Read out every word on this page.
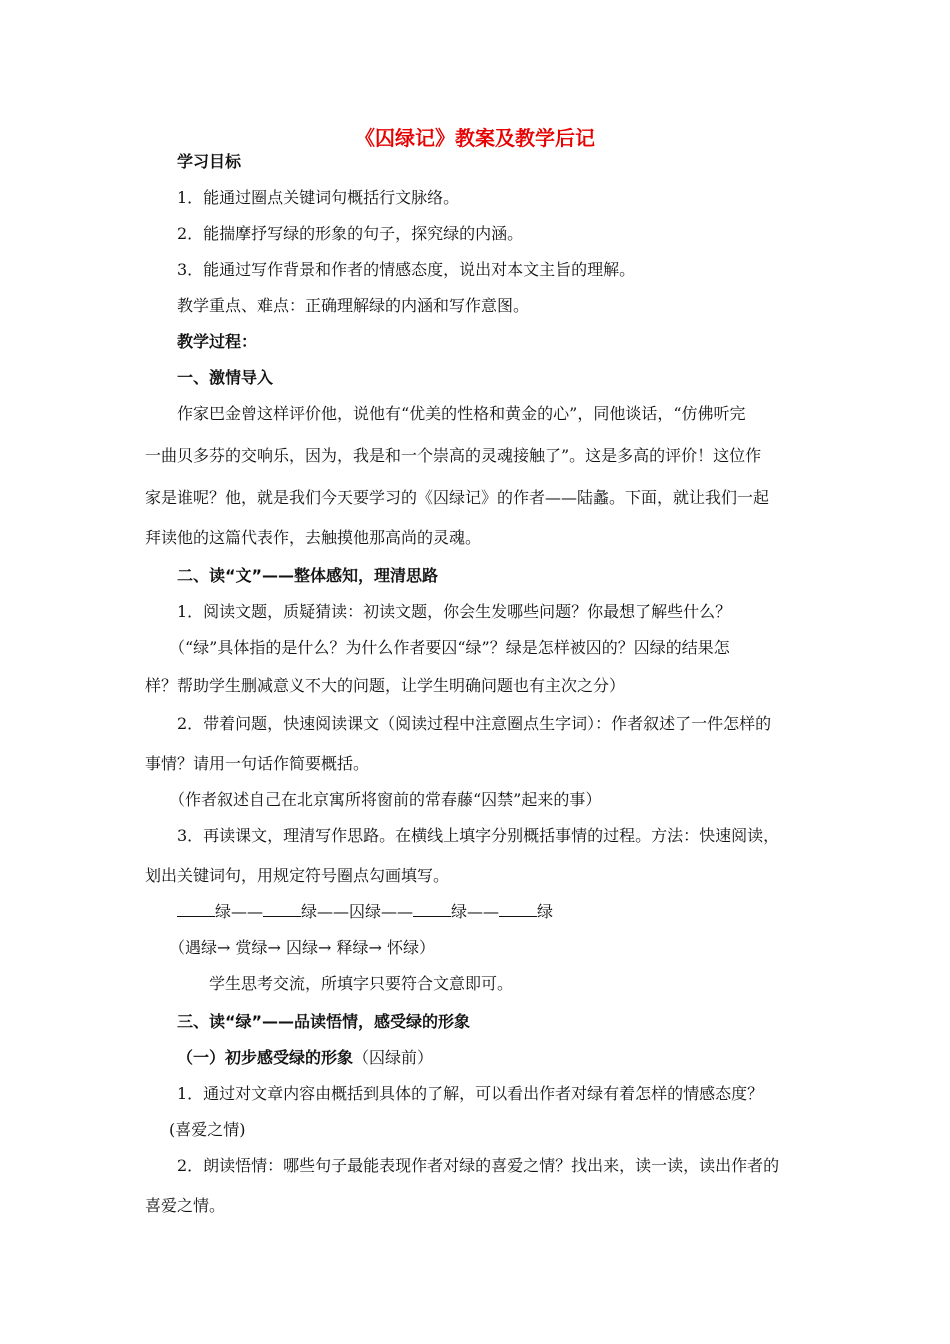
《囚绿记》教案及教学后记
学习目标
1．能通过圈点关键词句概括行文脉络。
2．能揣摩抒写绿的形象的句子，探究绿的内涵。
3．能通过写作背景和作者的情感态度，说出对本文主旨的理解。
教学重点、难点：正确理解绿的内涵和写作意图。
教学过程：
一、激情导入
作家巴金曾这样评价他，说他有“优美的性格和黄金的心”，同他谈话，“仿佛听完
一曲贝多芬的交响乐，因为，我是和一个崇高的灵魂接触了”。这是多高的评价！这位作
家是谁呢？他，就是我们今天要学习的《囚绿记》的作者——陆蠡。下面，就让我们一起
拜读他的这篇代表作，去触摸他那高尚的灵魂。
二、读“文”——整体感知，理清思路
1．阅读文题，质疑猜读：初读文题，你会生发哪些问题？你最想了解些什么？
（“绿”具体指的是什么？为什么作者要囚“绿”？绿是怎样被囚的？囚绿的结果怎
样？帮助学生删减意义不大的问题，让学生明确问题也有主次之分）
2．带着问题，快速阅读课文（阅读过程中注意圈点生字词）：作者叙述了一件怎样的
事情？请用一句话作简要概括。
（作者叙述自己在北京寓所将窗前的常春藤“囚禁”起来的事）
3．再读课文，理清写作思路。在横线上填字分别概括事情的过程。方法：快速阅读，
划出关键词句，用规定符号圈点勾画填写。
绿—— 绿——囚绿—— 绿—— 绿
（遇绿→ 赏绿→ 囚绿→ 释绿→ 怀绿）
学生思考交流，所填字只要符合文意即可。
三、读“绿”——品读悟情，感受绿的形象
（一）初步感受绿的形象（囚绿前）
1．通过对文章内容由概括到具体的了解，可以看出作者对绿有着怎样的情感态度？
(喜爱之情)
2．朗读悟情：哪些句子最能表现作者对绿的喜爱之情？找出来，读一读，读出作者的
喜爱之情。
